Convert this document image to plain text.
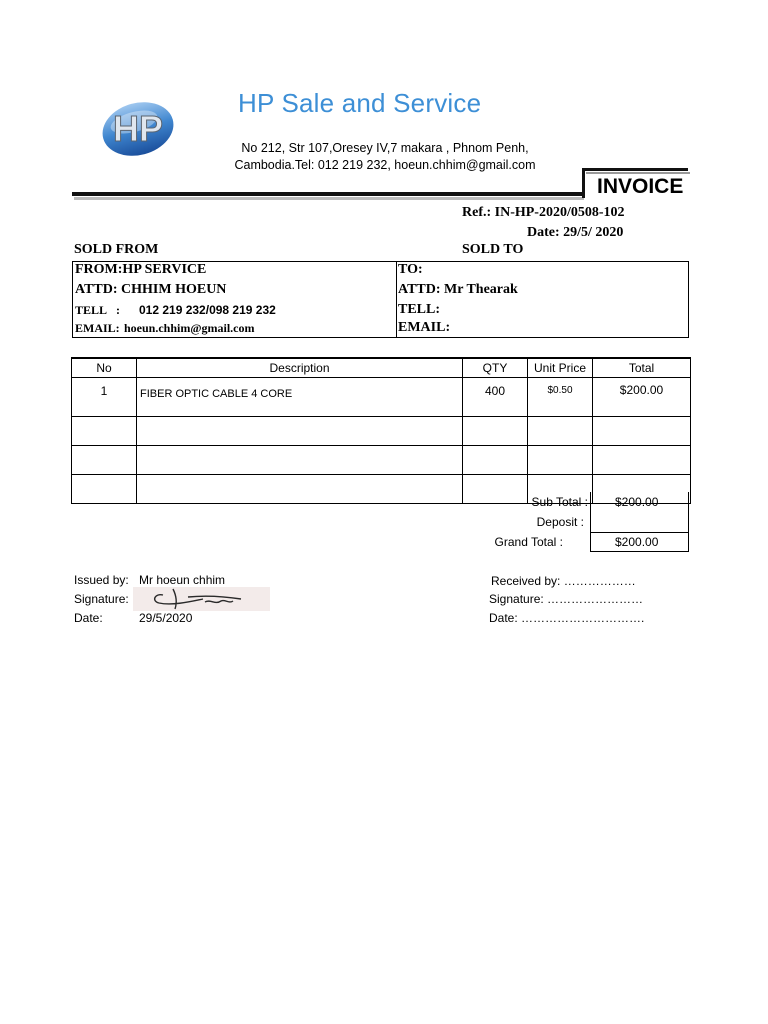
HP
HP Sale and Service
No 212, Str 107,Oresey IV,7 makara , Phnom Penh,
Cambodia.Tel: 012 219 232, hoeun.chhim@gmail.com
INVOICE
Ref.: IN-HP-2020/0508-102
Date: 29/5/ 2020
SOLD FROM	SOLD TO
FROM:HP SERVICE
ATTD: CHHIM HOEUN
TELL : 012 219 232/098 219 232
EMAIL: hoeun.chhim@gmail.com
TO:
ATTD: Mr Thearak
TELL:
EMAIL:
No	Description	QTY	Unit Price	Total
1	FIBER OPTIC CABLE 4 CORE	400	$0.50	$200.00

Sub Total : $200.00
Deposit :
Grand Total :	$200.00
Issued by: Mr hoeun chhim
Signature:
Date:	29/5/2020
Received by: ………………
Signature: ……………………
Date: ………………………….
